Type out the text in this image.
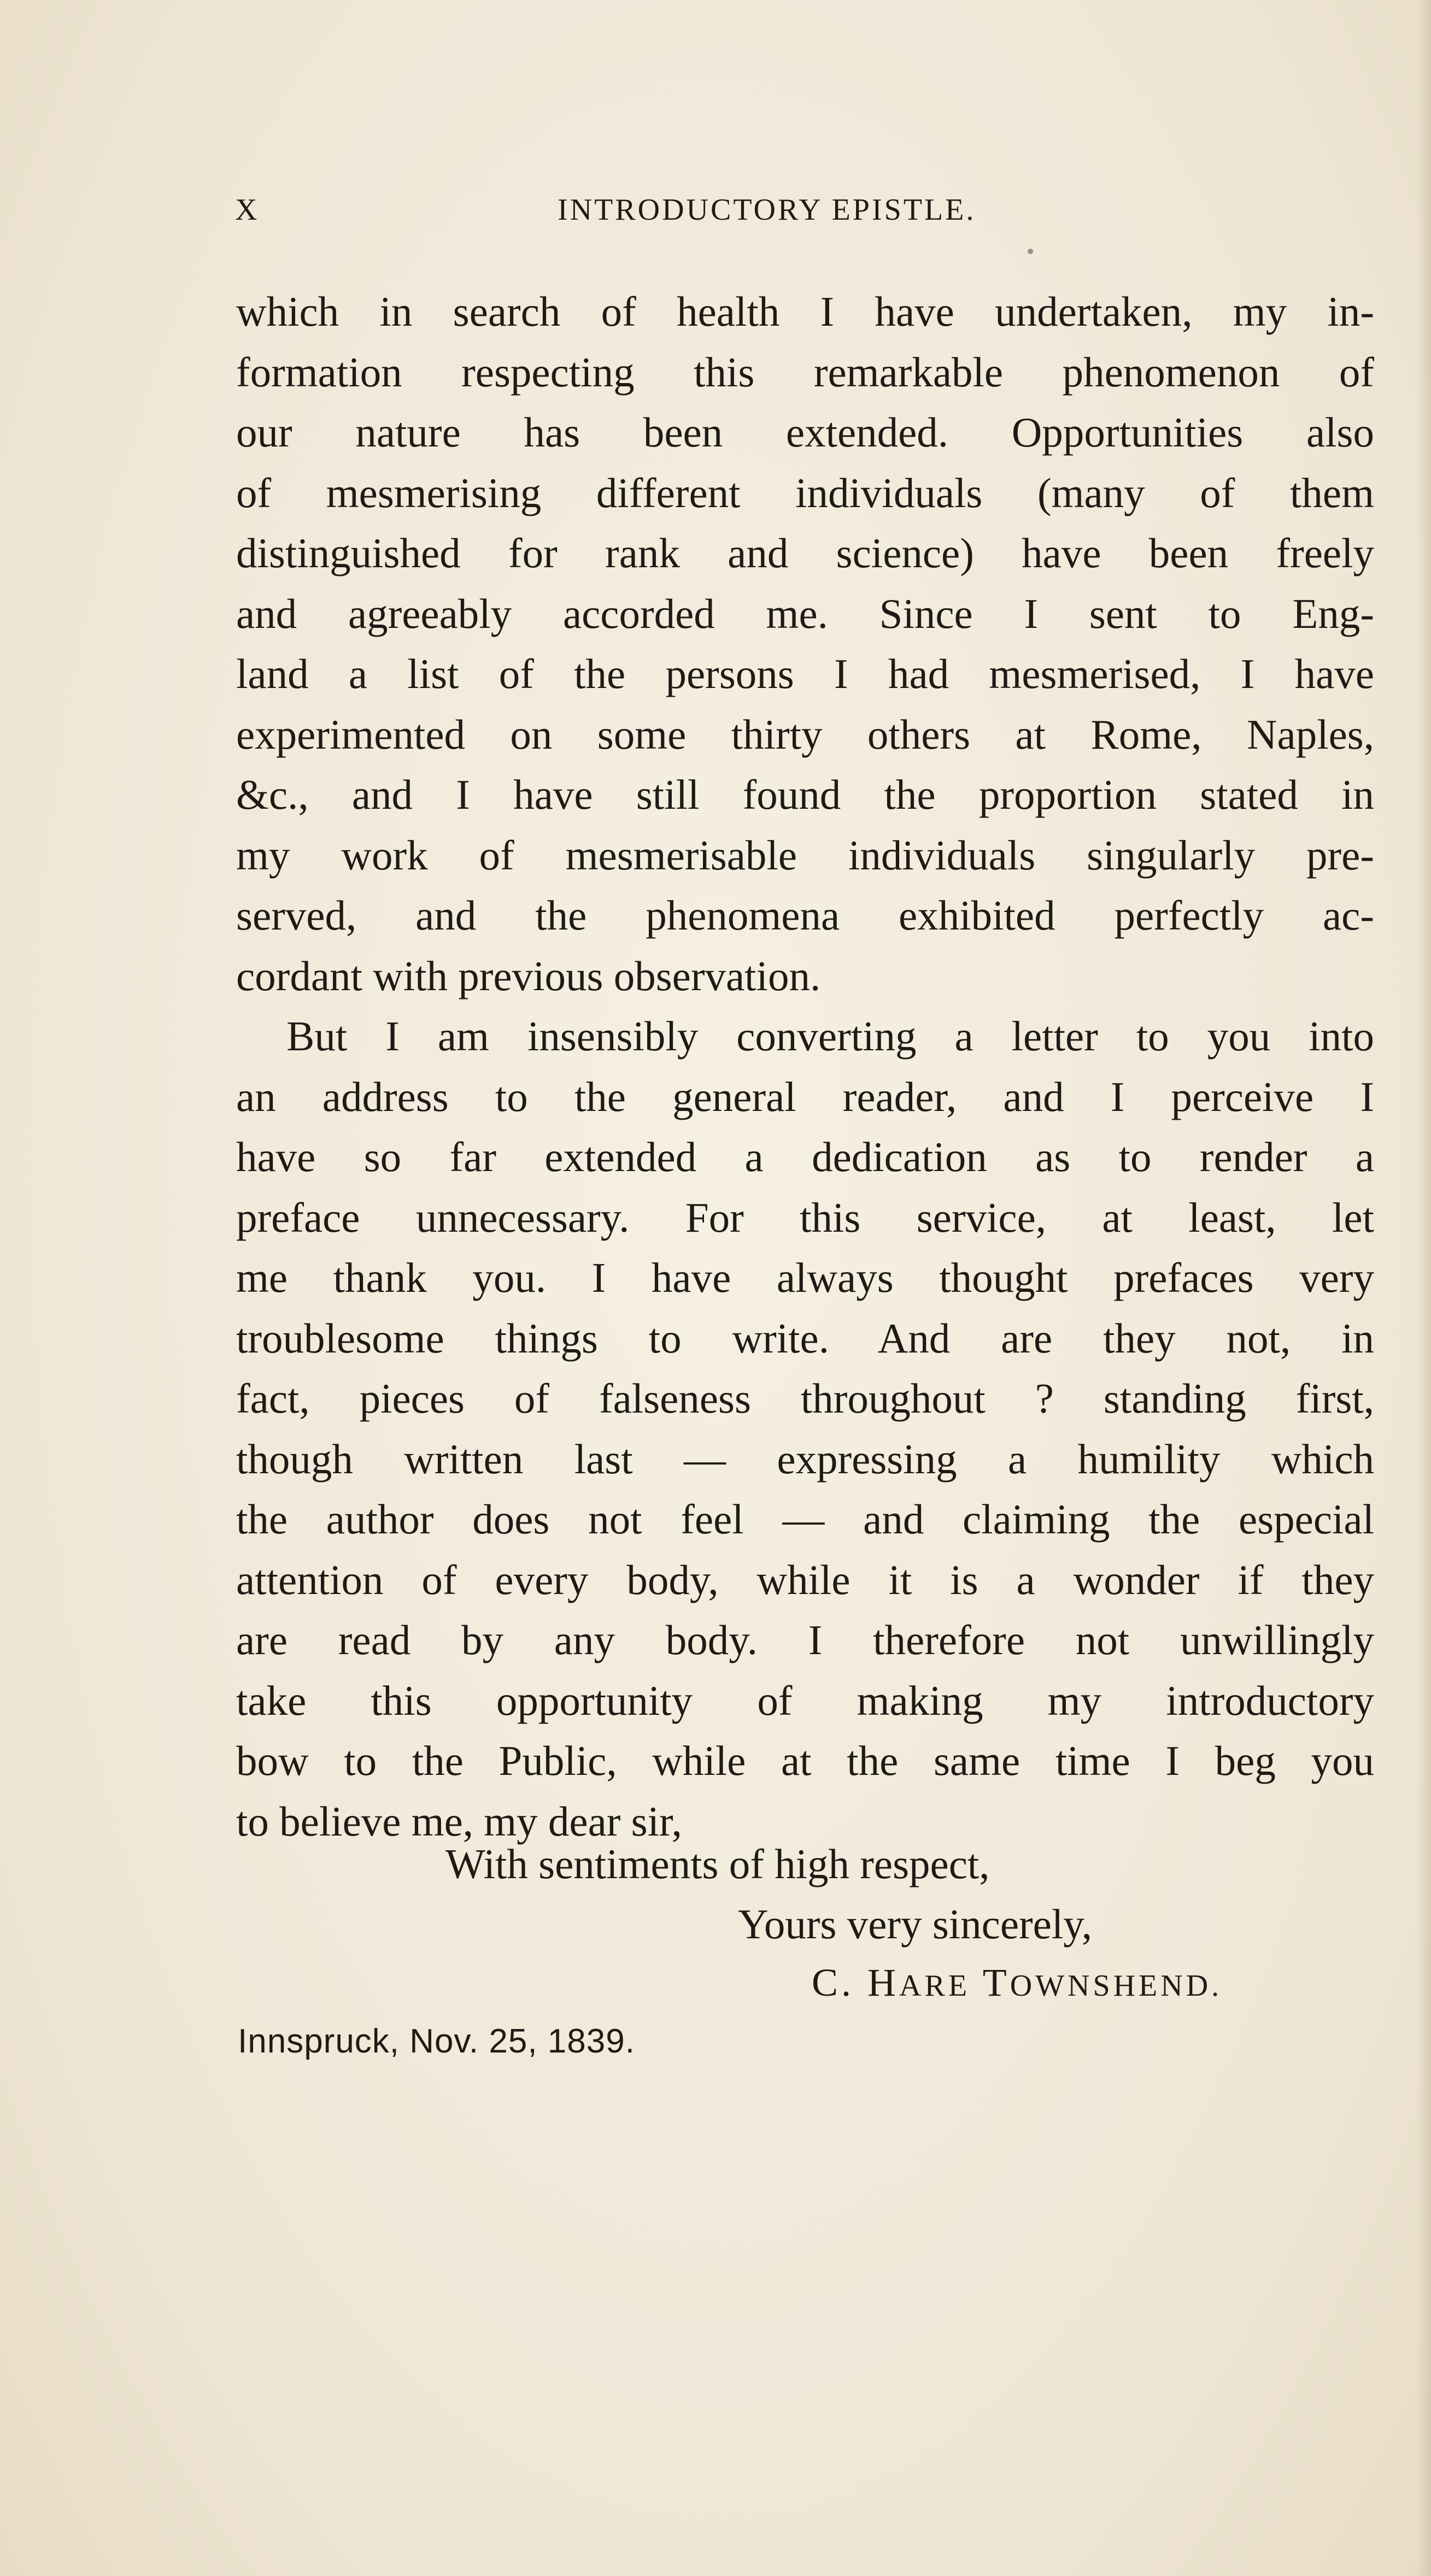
X	INTRODUCTORY EPISTLE.
which in search of health I have undertaken, my in-
formation respecting this remarkable phenomenon of
our nature has been extended. Opportunities also
of mesmerising different individuals (many of them
distinguished for rank and science) have been freely
and agreeably accorded me. Since I sent to Eng-
land a list of the persons I had mesmerised, I have
experimented on some thirty others at Rome, Naples,
&c., and I have still found the proportion stated in
my work of mesmerisable individuals singularly pre-
served, and the phenomena exhibited perfectly ac-
cordant with previous observation.
But I am insensibly converting a letter to you into
an address to the general reader, and I perceive I
have so far extended a dedication as to render a
preface unnecessary. For this service, at least, let
me thank you. I have always thought prefaces very
troublesome things to write. And are they not, in
fact, pieces of falseness throughout ? standing first,
though written last — expressing a humility which
the author does not feel — and claiming the especial
attention of every body, while it is a wonder if they
are read by any body. I therefore not unwillingly
take this opportunity of making my introductory
bow to the Public, while at the same time I beg you
to believe me, my dear sir,
With sentiments of high respect,
Yours very sincerely,
C. HARE TOWNSHEND.
Innspruck, Nov. 25, 1839.
